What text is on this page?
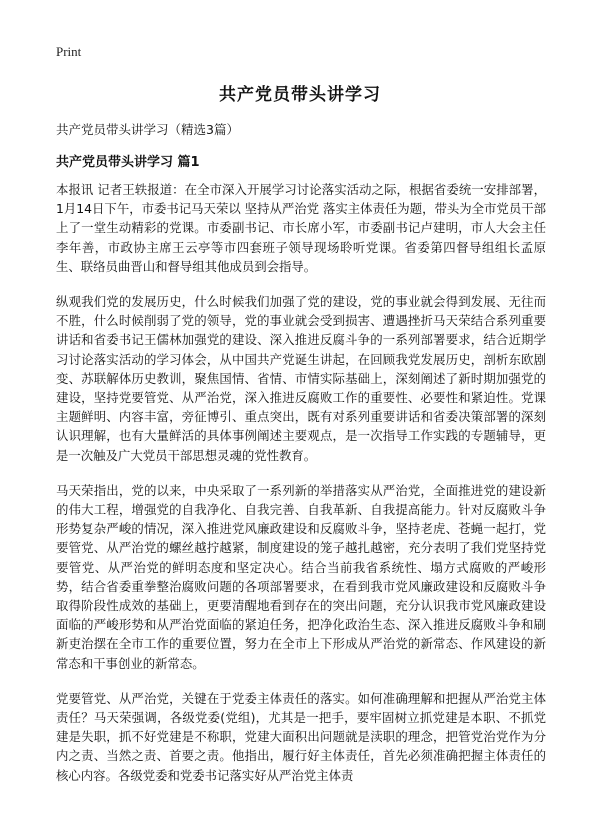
Print
共产党员带头讲学习

共产党员带头讲学习（精选3篇）

共产党员带头讲学习 篇1

本报讯 记者王轶报道：在全市深入开展学习讨论落实活动之际，根据省委统一安排部署，1月14日下午，市委书记马天荣以 坚持从严治党 落实主体责任为题，带头为全市党员干部上了一堂生动精彩的党课。市委副书记、市长席小军，市委副书记卢建明，市人大会主任李年善，市政协主席王云亭等市四套班子领导现场聆听党课。省委第四督导组组长孟原生、联络员曲晋山和督导组其他成员到会指导。

纵观我们党的发展历史，什么时候我们加强了党的建设，党的事业就会得到发展、无往而不胜，什么时候削弱了党的领导，党的事业就会受到损害、遭遇挫折马天荣结合系列重要讲话和省委书记王儒林加强党的建设、深入推进反腐斗争的一系列部署要求，结合近期学习讨论落实活动的学习体会，从中国共产党诞生讲起，在回顾我党发展历史，剖析东欧剧变、苏联解体历史教训，聚焦国情、省情、市情实际基础上，深刻阐述了新时期加强党的建设，坚持党要管党、从严治党，深入推进反腐败工作的重要性、必要性和紧迫性。党课主题鲜明、内容丰富，旁征博引、重点突出，既有对系列重要讲话和省委决策部署的深刻认识理解，也有大量鲜活的具体事例阐述主要观点，是一次指导工作实践的专题辅导，更是一次触及广大党员干部思想灵魂的党性教育。

马天荣指出，党的以来，中央采取了一系列新的举措落实从严治党，全面推进党的建设新的伟大工程，增强党的自我净化、自我完善、自我革新、自我提高能力。针对反腐败斗争形势复杂严峻的情况，深入推进党风廉政建设和反腐败斗争，坚持老虎、苍蝇一起打，党要管党、从严治党的螺丝越拧越紧，制度建设的笼子越扎越密，充分表明了我们党坚持党要管党、从严治党的鲜明态度和坚定决心。结合当前我省系统性、塌方式腐败的严峻形势，结合省委重拳整治腐败问题的各项部署要求，在看到我市党风廉政建设和反腐败斗争取得阶段性成效的基础上，更要清醒地看到存在的突出问题，充分认识我市党风廉政建设面临的严峻形势和从严治党面临的紧迫任务，把净化政治生态、深入推进反腐败斗争和刷新吏治摆在全市工作的重要位置，努力在全市上下形成从严治党的新常态、作风建设的新常态和干事创业的新常态。

党要管党、从严治党，关键在于党委主体责任的落实。如何准确理解和把握从严治党主体责任？马天荣强调，各级党委(党组)，尤其是一把手，要牢固树立抓党建是本职、不抓党建是失职，抓不好党建是不称职，党建大面积出问题就是渎职的理念，把管党治党作为分内之责、当然之责、首要之责。他指出，履行好主体责任，首先必须准确把握主体责任的核心内容。各级党委和党委书记落实好从严治党主体责
